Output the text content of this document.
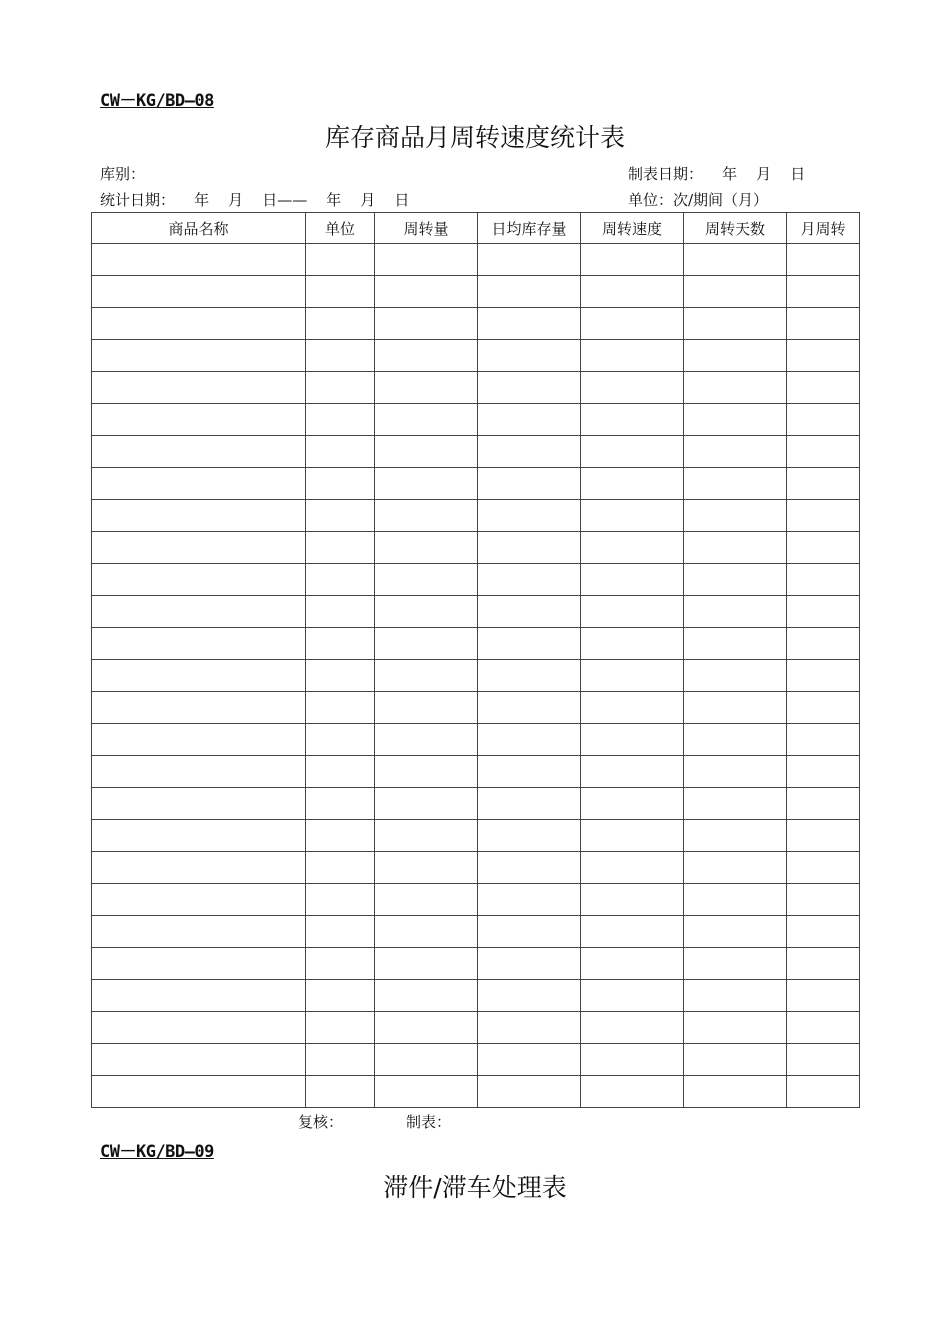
CW－KG/BD—08
库存商品月周转速度统计表
库别：	制表日期：    年    月    日
统计日期：    年    月    日——    年    月    日	单位：次/期间（月）
商品名称	单位	周转量	日均库存量	周转速度	周转天数	月周转

复核：	制表：
CW－KG/BD—09
滞件/滞车处理表
